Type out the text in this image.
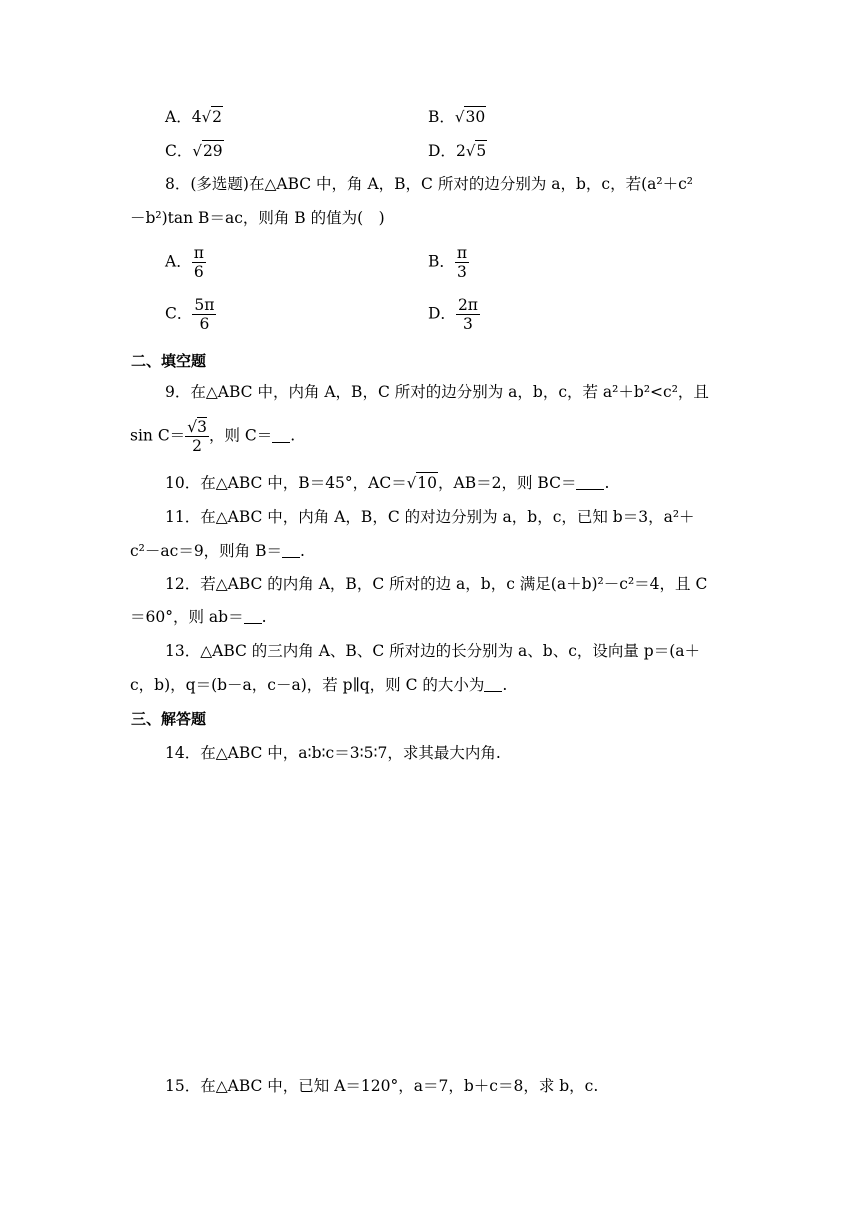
A．4√2	B．√30
C．√29	D．2√5
8．(多选题)在△ABC 中，角 A，B，C 所对的边分别为 a，b，c，若(a²＋c²
－b²)tan B＝ac，则角 B 的值为(　)
A． $\frac{\pi}{6}$	B． $\frac{\pi}{3}$
C． $\frac{5\pi}{6}$	D． $\frac{2\pi}{3}$
二、填空题
9．在△ABC 中，内角 A，B，C 所对的边分别为 a，b，c，若 a²＋b²<c²，且
$\sin C= \frac{√3}{2}$ ，则 C＝ .
10．在△ABC 中，B＝45°，AC＝√10，AB＝2，则 BC＝ .
11．在△ABC 中，内角 A，B，C 的对边分别为 a，b，c，已知 b＝3，a²＋
c²－ac＝9，则角 B＝ .
12．若△ABC 的内角 A，B，C 所对的边 a，b，c 满足(a＋b)²－c²＝4，且 C
＝60°，则 ab＝ .
13．△ABC 的三内角 A、B、C 所对边的长分别为 a、b、c，设向量 p＝(a＋
c，b)，q＝(b－a，c－a)，若 p∥q，则 C 的大小为 .
三、解答题
14．在△ABC 中，a∶b∶c＝3∶5∶7，求其最大内角.
15．在△ABC 中，已知 A＝120°，a＝7，b＋c＝8，求 b，c.
